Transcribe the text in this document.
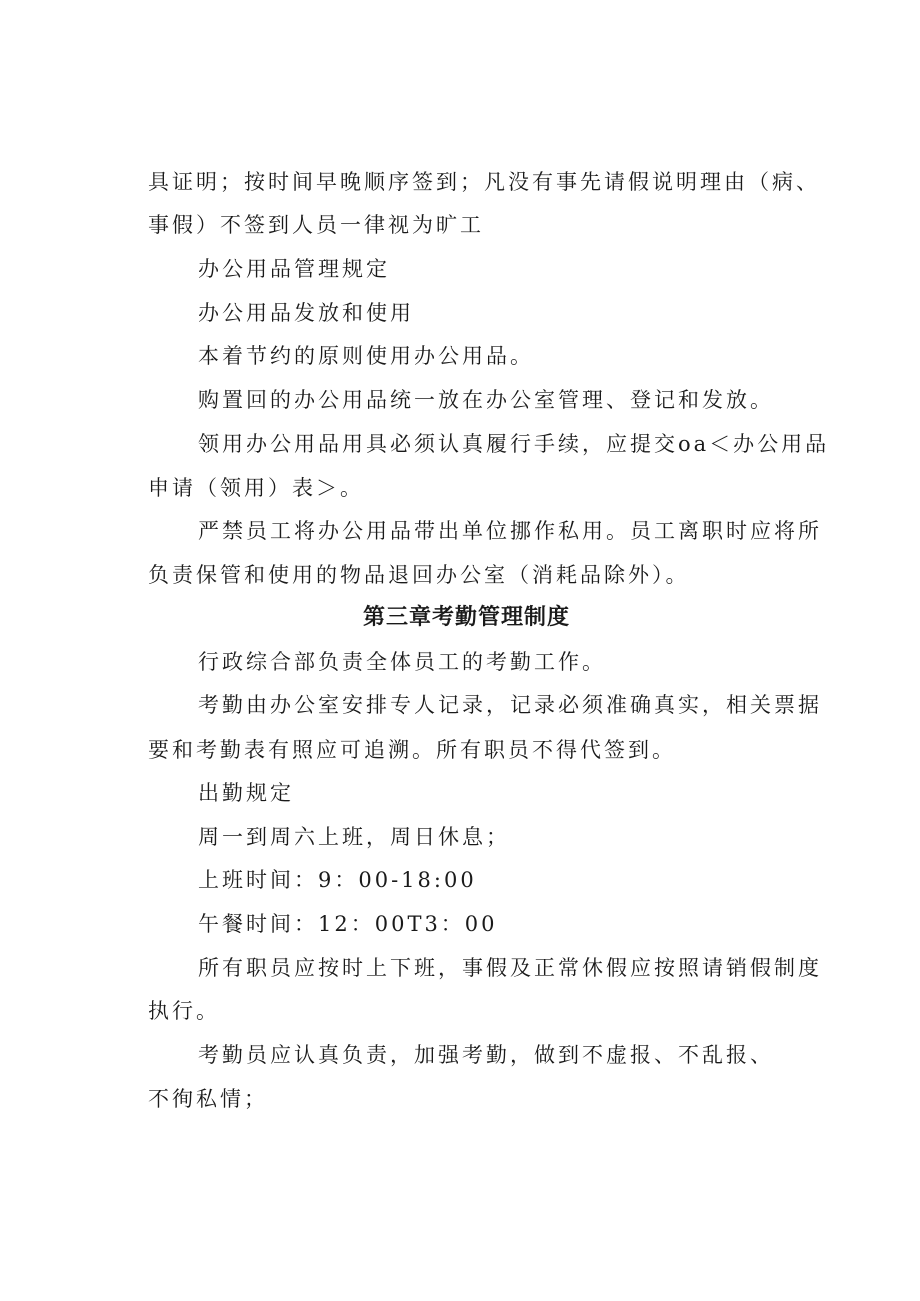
具证明；按时间早晚顺序签到；凡没有事先请假说明理由（病、
事假）不签到人员一律视为旷工
办公用品管理规定
办公用品发放和使用
本着节约的原则使用办公用品。
购置回的办公用品统一放在办公室管理、登记和发放。
领用办公用品用具必须认真履行手续，应提交oa＜办公用品
申请（领用）表＞。
严禁员工将办公用品带出单位挪作私用。员工离职时应将所
负责保管和使用的物品退回办公室（消耗品除外）。
第三章考勤管理制度
行政综合部负责全体员工的考勤工作。
考勤由办公室安排专人记录，记录必须准确真实，相关票据
要和考勤表有照应可追溯。所有职员不得代签到。
出勤规定
周一到周六上班，周日休息；
上班时间：9：00-18:00
午餐时间：12：00T3：00
所有职员应按时上下班，事假及正常休假应按照请销假制度
执行。
考勤员应认真负责，加强考勤，做到不虚报、不乱报、
不徇私情；
